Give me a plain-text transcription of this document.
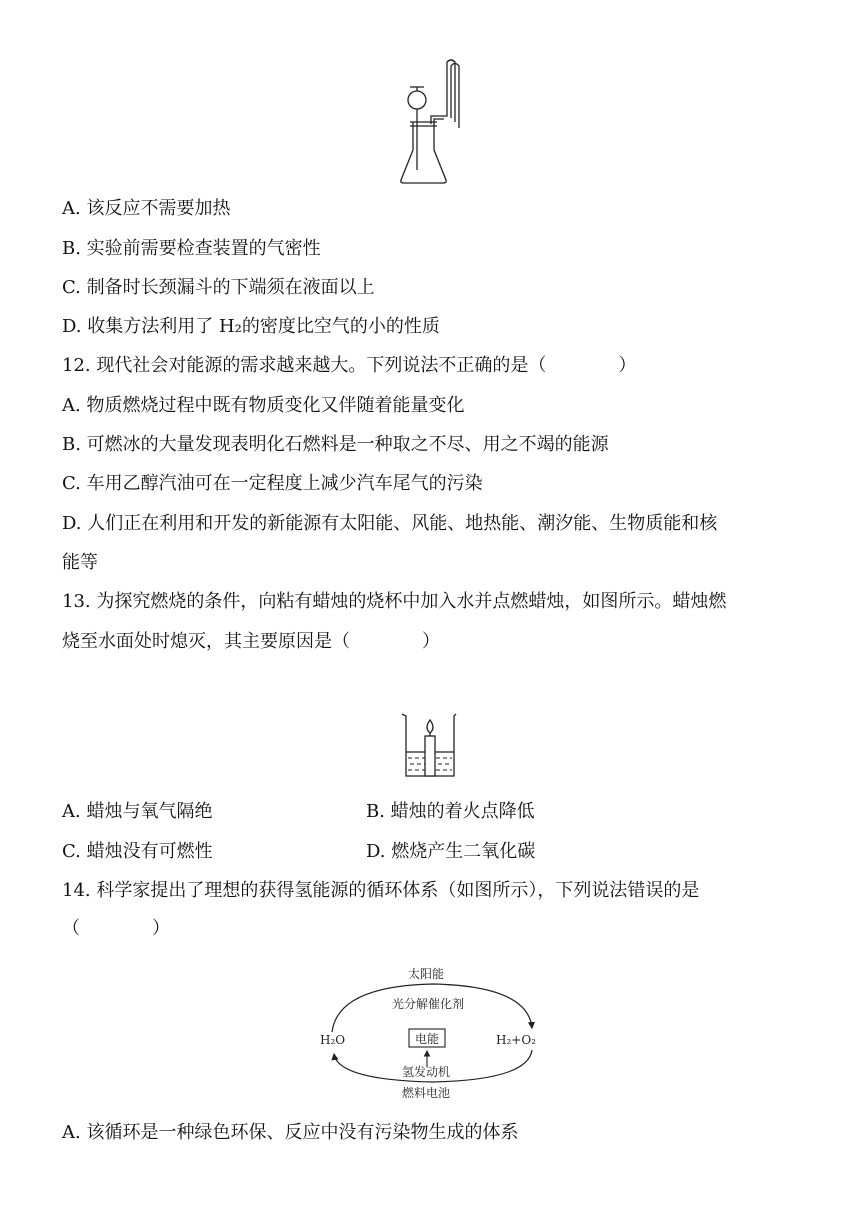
A. 该反应不需要加热
B. 实验前需要检查装置的气密性
C. 制备时长颈漏斗的下端须在液面以上
D. 收集方法利用了 H₂的密度比空气的小的性质
12. 现代社会对能源的需求越来越大。下列说法不正确的是（　　　　）
A. 物质燃烧过程中既有物质变化又伴随着能量变化
B. 可燃冰的大量发现表明化石燃料是一种取之不尽、用之不竭的能源
C. 车用乙醇汽油可在一定程度上减少汽车尾气的污染
D. 人们正在利用和开发的新能源有太阳能、风能、地热能、潮汐能、生物质能和核
能等
13. 为探究燃烧的条件，向粘有蜡烛的烧杯中加入水并点燃蜡烛，如图所示。蜡烛燃
烧至水面处时熄灭，其主要原因是（　　　　）
A. 蜡烛与氧气隔绝	B. 蜡烛的着火点降低
C. 蜡烛没有可燃性	D. 燃烧产生二氧化碳
14. 科学家提出了理想的获得氢能源的循环体系（如图所示），下列说法错误的是
（　　　　）
太阳能
光分解催化剂
H₂O	H₂+O₂
电能
氢发动机
燃料电池
A. 该循环是一种绿色环保、反应中没有污染物生成的体系
